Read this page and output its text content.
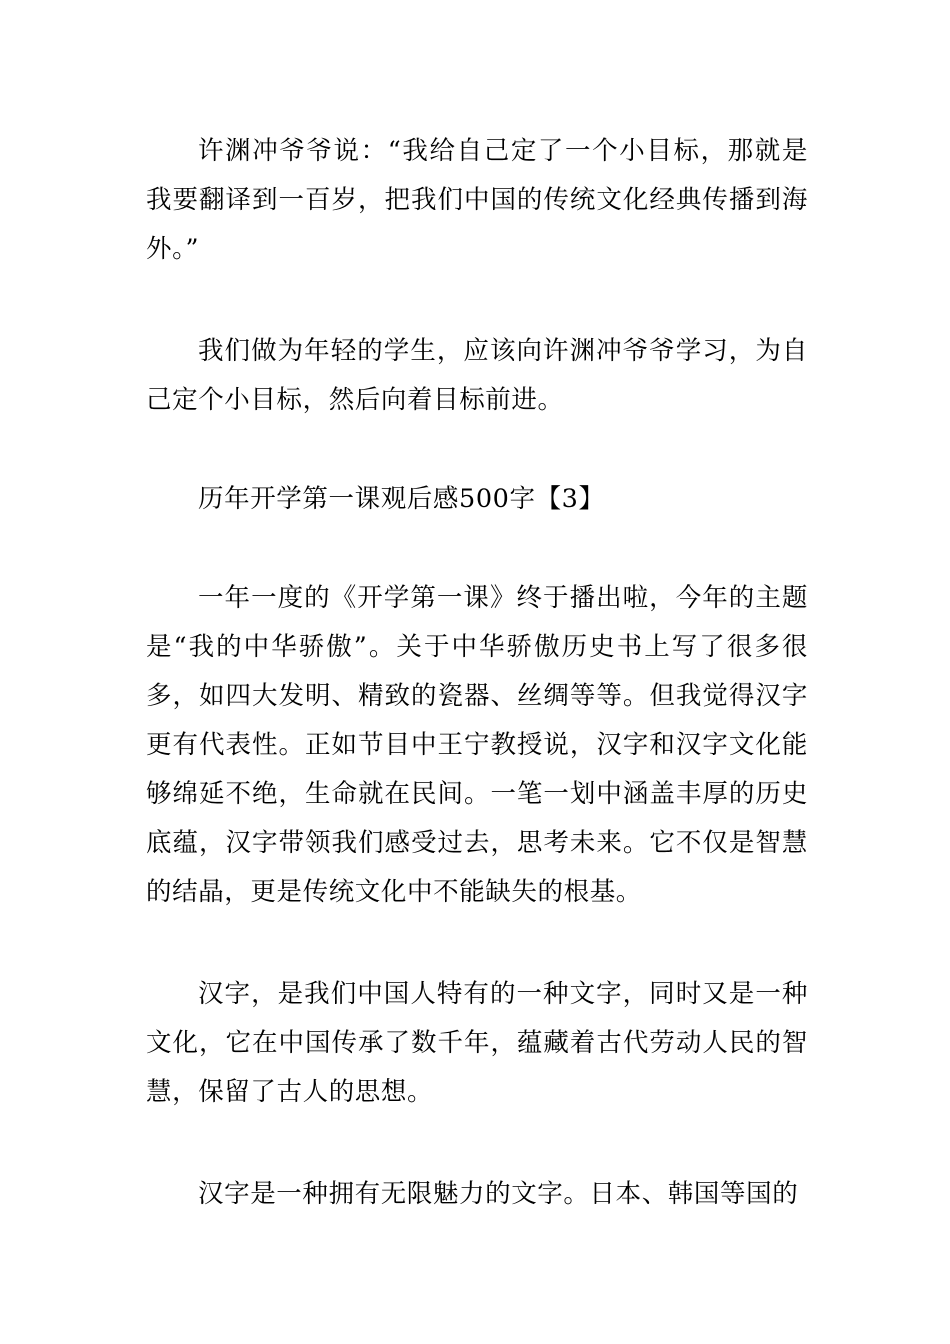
许渊冲爷爷说：“我给自己定了一个小目标，那就是我要翻译到一百岁，把我们中国的传统文化经典传播到海外。”

我们做为年轻的学生，应该向许渊冲爷爷学习，为自己定个小目标，然后向着目标前进。

历年开学第一课观后感500字【3】

一年一度的《开学第一课》终于播出啦，今年的主题是“我的中华骄傲”。关于中华骄傲历史书上写了很多很多，如四大发明、精致的瓷器、丝绸等等。但我觉得汉字更有代表性。正如节目中王宁教授说，汉字和汉字文化能够绵延不绝，生命就在民间。一笔一划中涵盖丰厚的历史底蕴，汉字带领我们感受过去，思考未来。它不仅是智慧的结晶，更是传统文化中不能缺失的根基。

汉字，是我们中国人特有的一种文字，同时又是一种文化，它在中国传承了数千年，蕴藏着古代劳动人民的智慧，保留了古人的思想。

汉字是一种拥有无限魅力的文字。日本、韩国等国的
